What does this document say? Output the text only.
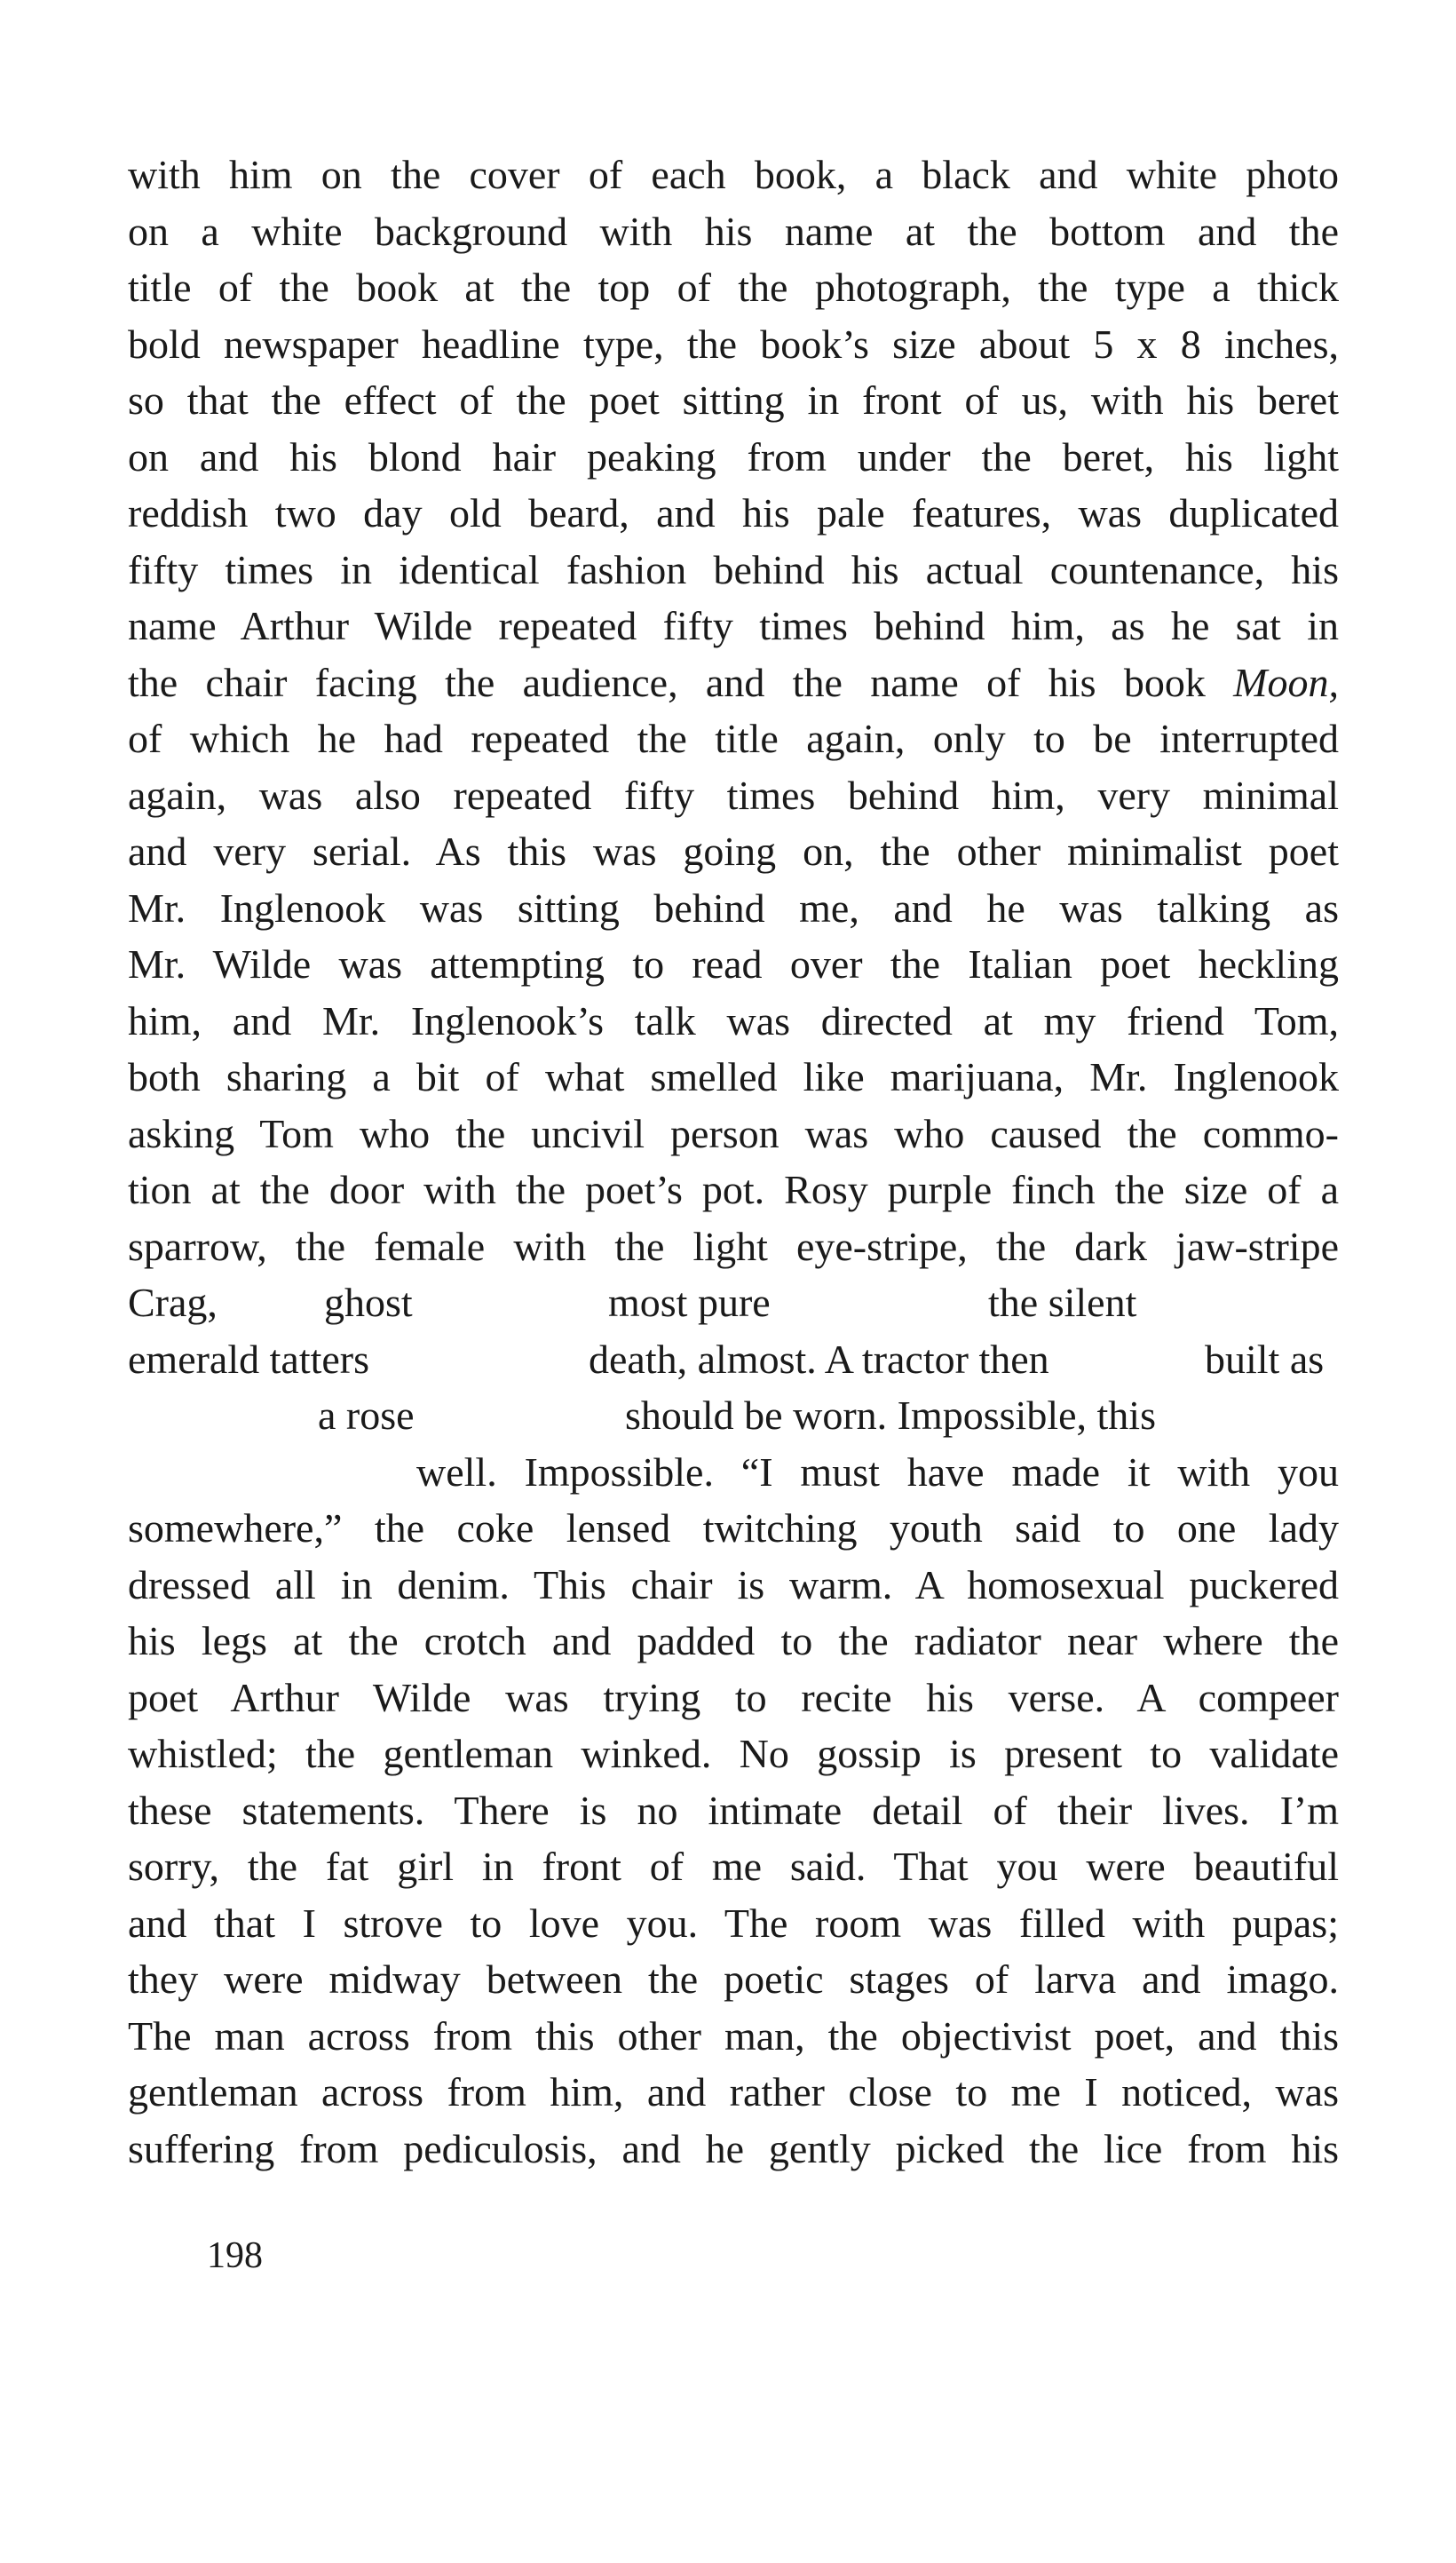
with him on the cover of each book, a black and white photo
on a white background with his name at the bottom and the
title of the book at the top of the photograph, the type a thick
bold newspaper headline type, the book’s size about 5 x 8 inches,
so that the effect of the poet sitting in front of us, with his beret
on and his blond hair peaking from under the beret, his light
reddish two day old beard, and his pale features, was duplicated
fifty times in identical fashion behind his actual countenance, his
name Arthur Wilde repeated fifty times behind him, as he sat in
the chair facing the audience, and the name of his book Moon,
of which he had repeated the title again, only to be interrupted
again, was also repeated fifty times behind him, very minimal
and very serial. As this was going on, the other minimalist poet
Mr. Inglenook was sitting behind me, and he was talking as
Mr. Wilde was attempting to read over the Italian poet heckling
him, and Mr. Inglenook’s talk was directed at my friend Tom,
both sharing a bit of what smelled like marijuana, Mr. Inglenook
asking Tom who the uncivil person was who caused the commo-
tion at the door with the poet’s pot. Rosy purple finch the size of a
sparrow, the female with the light eye-stripe, the dark jaw-stripe
Crag,	ghost	most pure	the silent
emerald tatters	death, almost. A tractor then	built as
a rose	should be worn. Impossible, this
well. Impossible. “I must have made it with you
somewhere,” the coke lensed twitching youth said to one lady
dressed all in denim. This chair is warm. A homosexual puckered
his legs at the crotch and padded to the radiator near where the
poet Arthur Wilde was trying to recite his verse. A compeer
whistled; the gentleman winked. No gossip is present to validate
these statements. There is no intimate detail of their lives. I’m
sorry, the fat girl in front of me said. That you were beautiful
and that I strove to love you. The room was filled with pupas;
they were midway between the poetic stages of larva and imago.
The man across from this other man, the objectivist poet, and this
gentleman across from him, and rather close to me I noticed, was
suffering from pediculosis, and he gently picked the lice from his
198
